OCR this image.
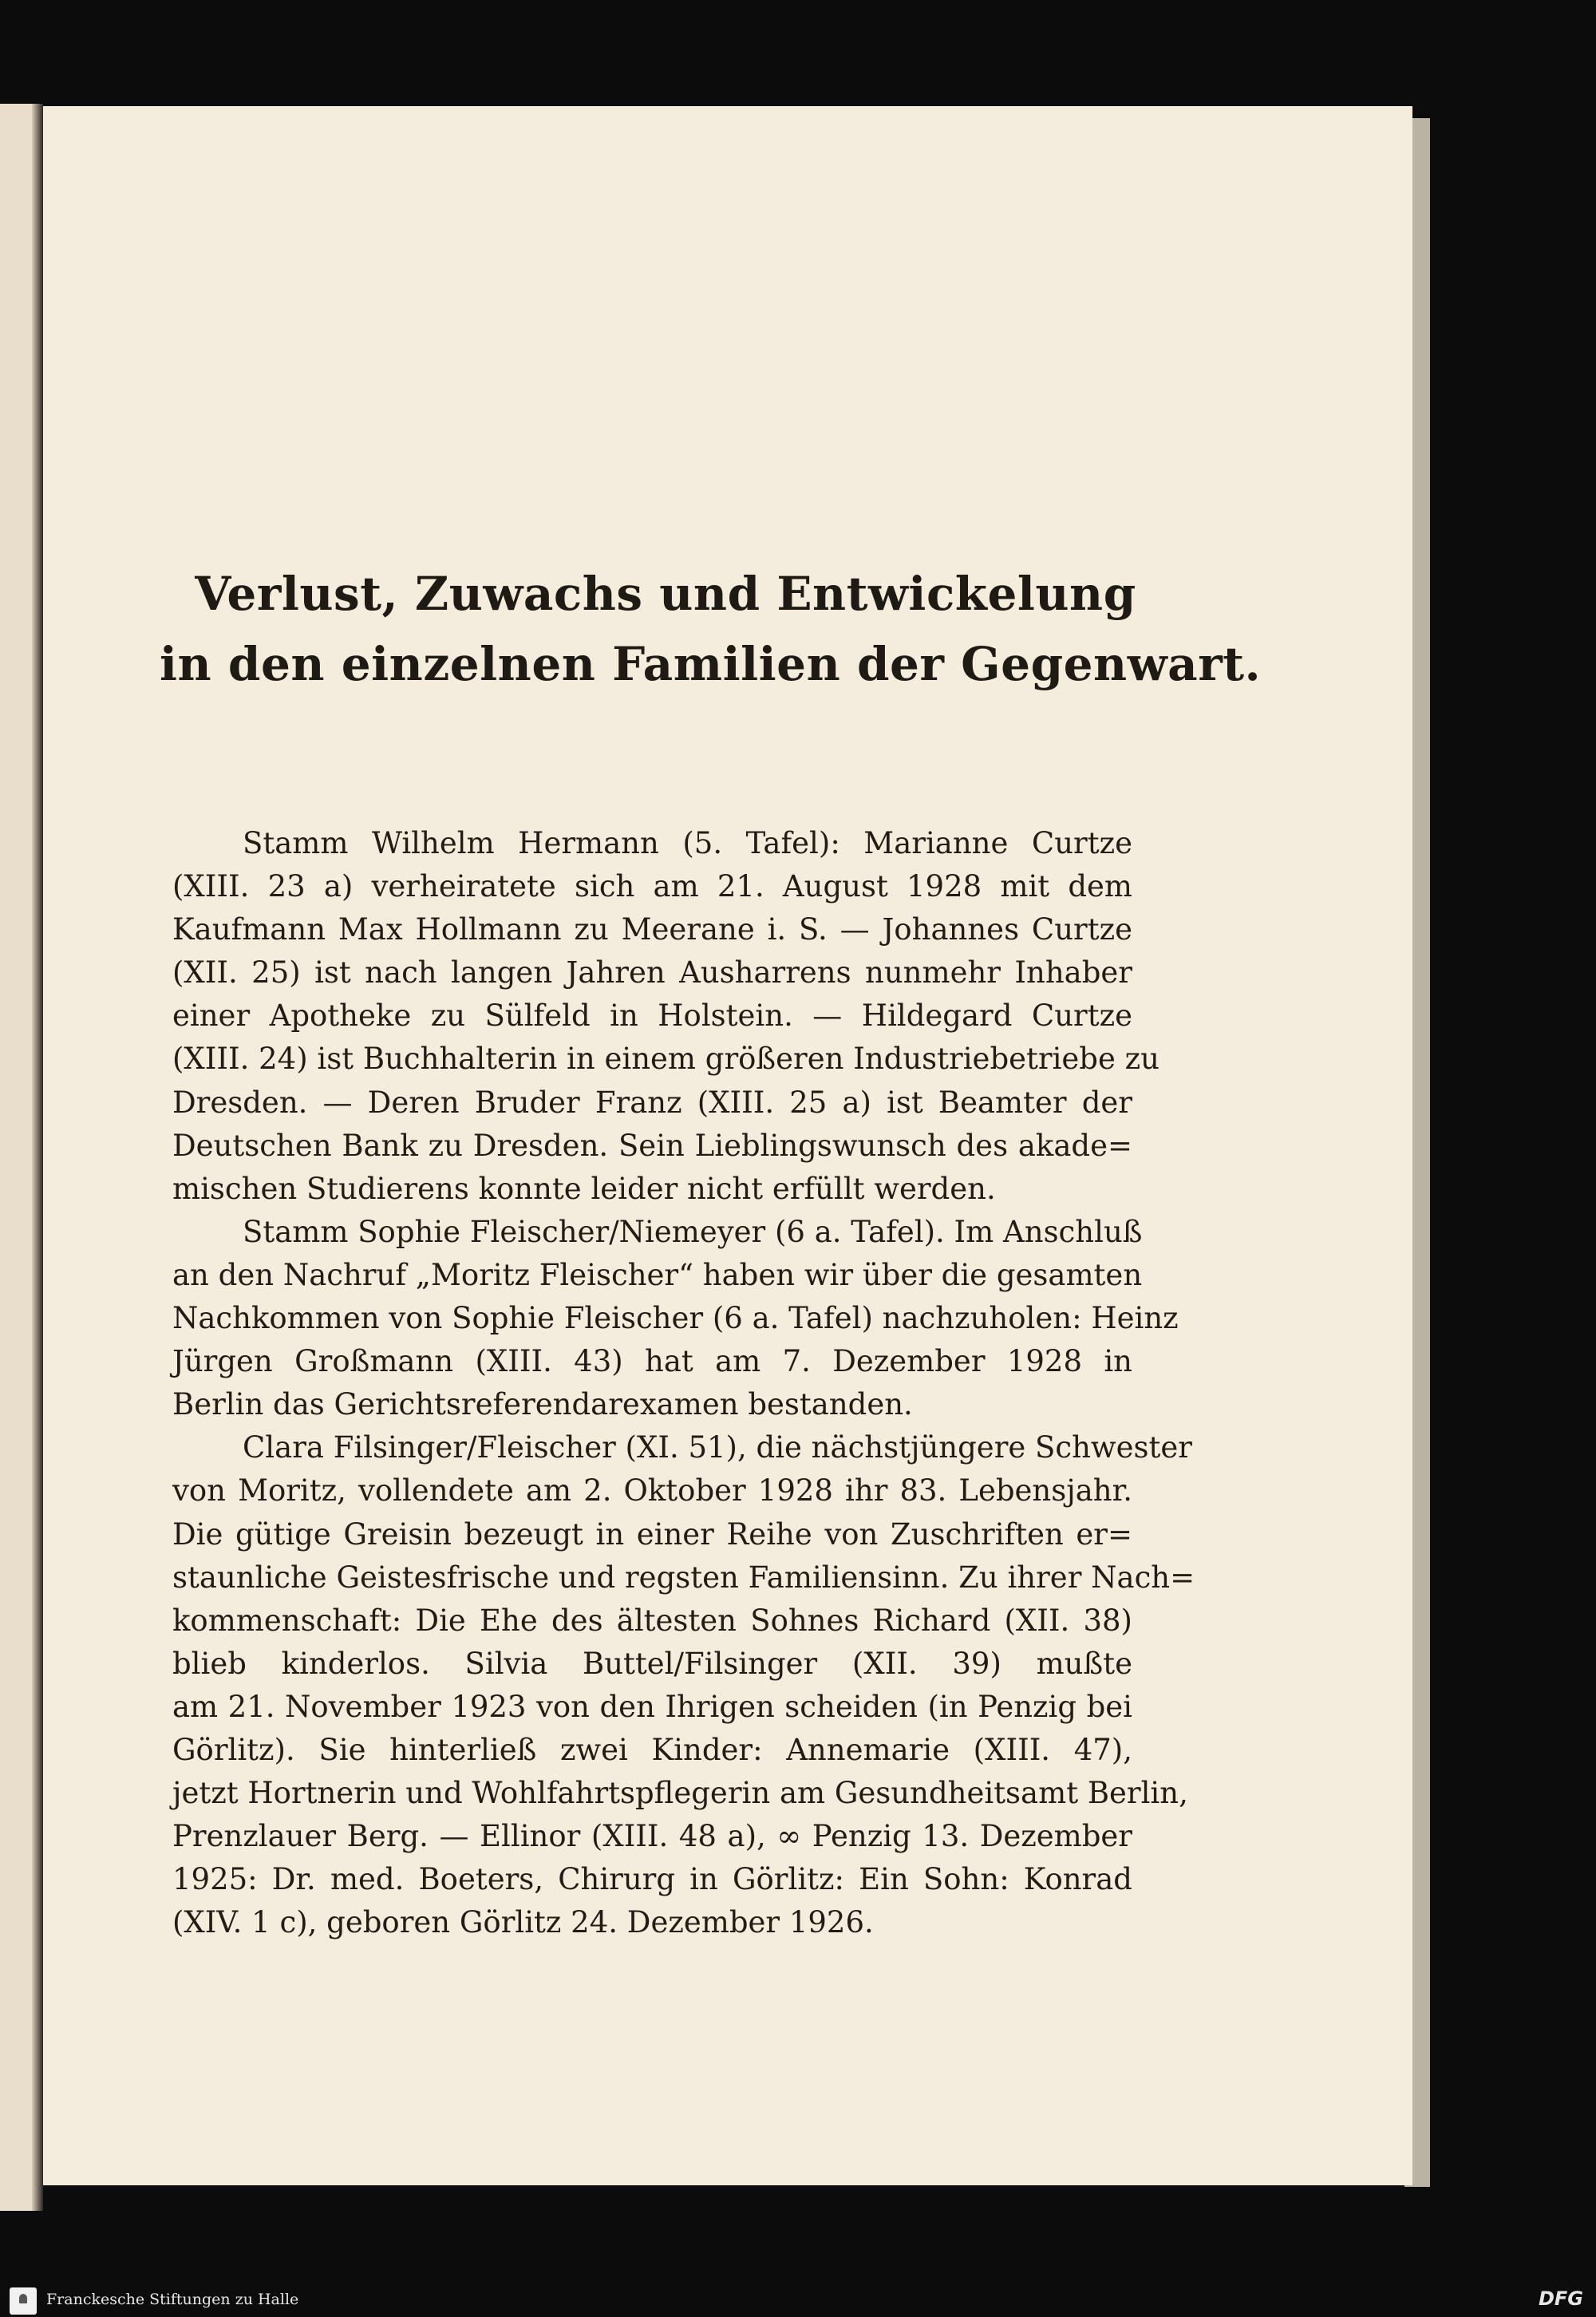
Verlust, Zuwachs und Entwickelung
in den einzelnen Familien der Gegenwart.
Stamm Wilhelm Hermann (5. Tafel): Marianne Curtze
(XIII. 23 a) verheiratete sich am 21. August 1928 mit dem
Kaufmann Max Hollmann zu Meerane i. S. — Johannes Curtze
(XII. 25) ist nach langen Jahren Ausharrens nunmehr Inhaber
einer Apotheke zu Sülfeld in Holstein. — Hildegard Curtze
(XIII. 24) ist Buchhalterin in einem größeren Industriebetriebe zu
Dresden. — Deren Bruder Franz (XIII. 25 a) ist Beamter der
Deutschen Bank zu Dresden. Sein Lieblingswunsch des akade=
mischen Studierens konnte leider nicht erfüllt werden.
Stamm Sophie Fleischer/Niemeyer (6 a. Tafel). Im Anschluß
an den Nachruf „Moritz Fleischer“ haben wir über die gesamten
Nachkommen von Sophie Fleischer (6 a. Tafel) nachzuholen: Heinz
Jürgen Großmann (XIII. 43) hat am 7. Dezember 1928 in
Berlin das Gerichtsreferendarexamen bestanden.
Clara Filsinger/Fleischer (XI. 51), die nächstjüngere Schwester
von Moritz, vollendete am 2. Oktober 1928 ihr 83. Lebensjahr.
Die gütige Greisin bezeugt in einer Reihe von Zuschriften er=
staunliche Geistesfrische und regsten Familiensinn. Zu ihrer Nach=
kommenschaft: Die Ehe des ältesten Sohnes Richard (XII. 38)
blieb kinderlos. Silvia Buttel/Filsinger (XII. 39) mußte
am 21. November 1923 von den Ihrigen scheiden (in Penzig bei
Görlitz). Sie hinterließ zwei Kinder: Annemarie (XIII. 47),
jetzt Hortnerin und Wohlfahrtspflegerin am Gesundheitsamt Berlin,
Prenzlauer Berg. — Ellinor (XIII. 48 a), ∞ Penzig 13. Dezember
1925: Dr. med. Boeters, Chirurg in Görlitz: Ein Sohn: Konrad
(XIV. 1 c), geboren Görlitz 24. Dezember 1926.
Franckesche Stiftungen zu Halle	DFG
